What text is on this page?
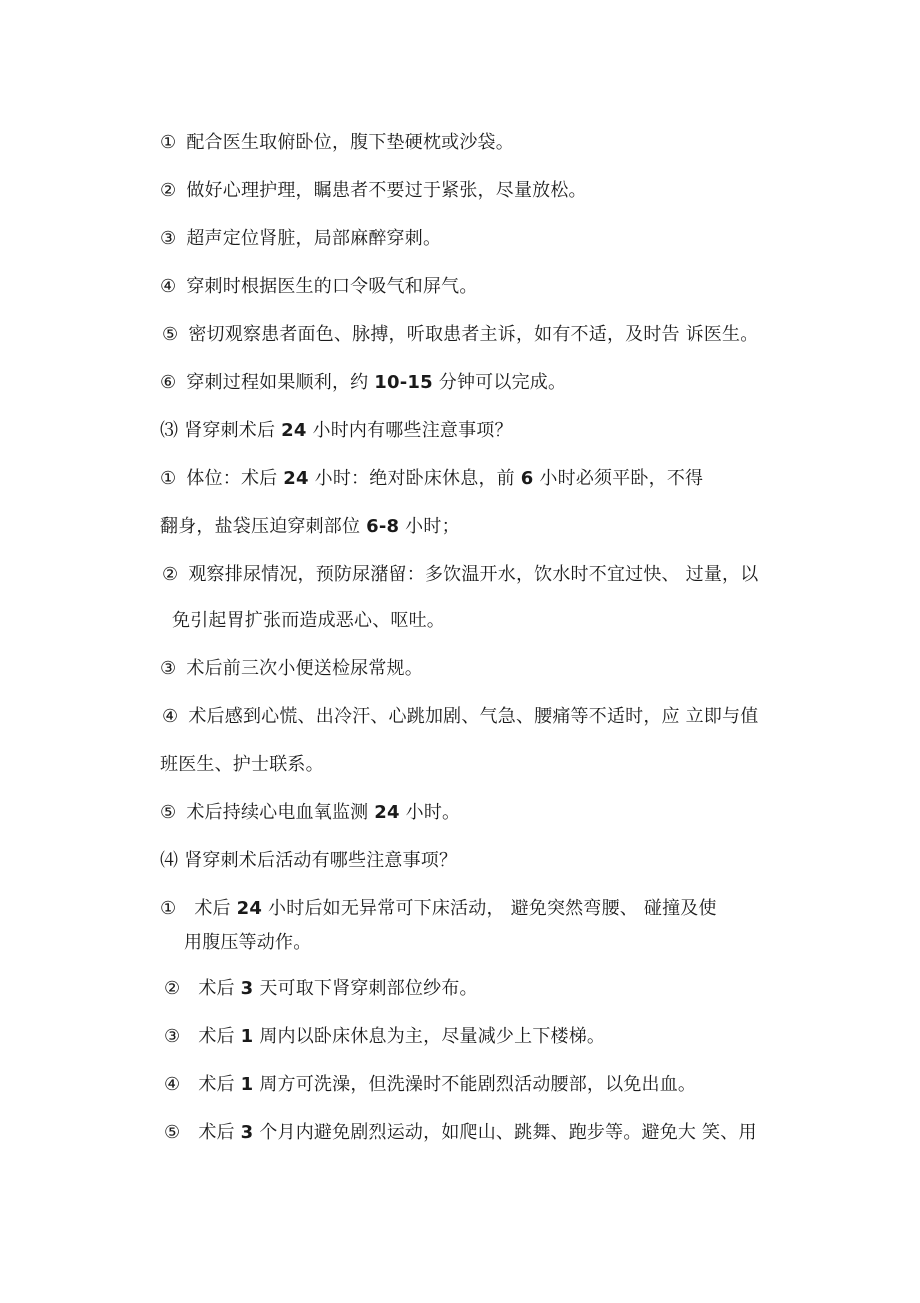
① 配合医生取俯卧位，腹下垫硬枕或沙袋。
② 做好心理护理，瞩患者不要过于紧张，尽量放松。
③ 超声定位肾脏，局部麻醉穿刺。
④ 穿刺时根据医生的口令吸气和屏气。
⑤ 密切观察患者面色、脉搏，听取患者主诉，如有不适，及时告 诉医生。
⑥ 穿刺过程如果顺利，约 10-15 分钟可以完成。
⑶ 肾穿刺术后 24 小时内有哪些注意事项？
① 体位：术后 24 小时：绝对卧床休息，前 6 小时必须平卧，不得
翻身，盐袋压迫穿刺部位 6-8 小时；
② 观察排尿情况，预防尿潴留：多饮温开水，饮水时不宜过快、 过量，以
免引起胃扩张而造成恶心、呕吐。
③ 术后前三次小便送检尿常规。
④ 术后感到心慌、出冷汗、心跳加剧、气急、腰痛等不适时，应 立即与值
班医生、护士联系。
⑤ 术后持续心电血氧监测 24 小时。
⑷ 肾穿刺术后活动有哪些注意事项？
① 术后 24 小时后如无异常可下床活动， 避免突然弯腰、 碰撞及使
用腹压等动作。
② 术后 3 天可取下肾穿刺部位纱布。
③ 术后 1 周内以卧床休息为主，尽量减少上下楼梯。
④ 术后 1 周方可洗澡，但洗澡时不能剧烈活动腰部，以免出血。
⑤ 术后 3 个月内避免剧烈运动，如爬山、跳舞、跑步等。避免大 笑、用
